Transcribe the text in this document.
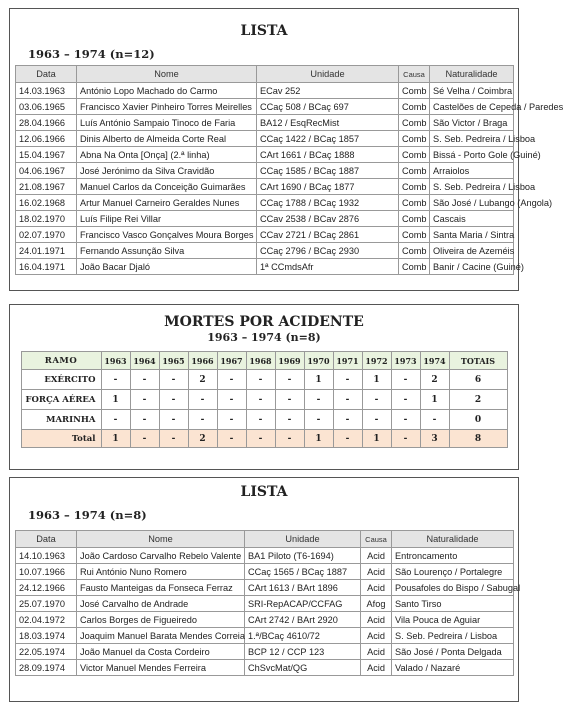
LISTA
1963 – 1974 (n=12)
Data	Nome	Unidade	Causa	Naturalidade
14.03.1963	António Lopo Machado do Carmo	ECav 252	Comb	Sé Velha / Coimbra
03.06.1965	Francisco Xavier Pinheiro Torres Meirelles	CCaç 508 / BCaç 697	Comb	Castelões de Cepeda / Paredes
28.04.1966	Luís António Sampaio Tinoco de Faria	BA12 / EsqRecMist	Comb	São Victor / Braga
12.06.1966	Dinis Alberto de Almeida Corte Real	CCaç 1422 / BCaç 1857	Comb	S. Seb. Pedreira / Lisboa
15.04.1967	Abna Na Onta [Onça] (2.ª linha)	CArt 1661 / BCaç 1888	Comb	Bissá - Porto Gole (Guiné)
04.06.1967	José Jerónimo da Silva Cravidão	CCaç 1585 / BCaç 1887	Comb	Arraiolos
21.08.1967	Manuel Carlos da Conceição Guimarães	CArt 1690 / BCaç 1877	Comb	S. Seb. Pedreira / Lisboa
16.02.1968	Artur Manuel Carneiro Geraldes Nunes	CCaç 1788 / BCaç 1932	Comb	São José / Lubango (Angola)
18.02.1970	Luís Filipe Rei Villar	CCav 2538 / BCav 2876	Comb	Cascais
02.07.1970	Francisco Vasco Gonçalves Moura Borges	CCav 2721 / BCaç 2861	Comb	Santa Maria / Sintra
24.01.1971	Fernando Assunção Silva	CCaç 2796 / BCaç 2930	Comb	Oliveira de Azeméis
16.04.1971	João Bacar Djaló	1ª CCmdsAfr	Comb	Banir / Cacine (Guiné)
MORTES POR ACIDENTE
1963 – 1974 (n=8)
RAMO	1963	1964	1965	1966	1967	1968	1969	1970	1971	1972	1973	1974	TOTAIS
EXÉRCITO	-	-	-	2	-	-	-	1	-	1	-	2	6
FORÇA AÉREA	1	-	-	-	-	-	-	-	-	-	-	1	2
MARINHA	-	-	-	-	-	-	-	-	-	-	-	-	0
Total	1	-	-	2	-	-	-	1	-	1	-	3	8
LISTA
1963 – 1974 (n=8)
Data	Nome	Unidade	Causa	Naturalidade
14.10.1963	João Cardoso Carvalho Rebelo Valente	BA1 Piloto (T6-1694)	Acid	Entroncamento
10.07.1966	Rui António Nuno Romero	CCaç 1565 / BCaç 1887	Acid	São Lourenço / Portalegre
24.12.1966	Fausto Manteigas da Fonseca Ferraz	CArt 1613 / BArt 1896	Acid	Pousafoles do Bispo / Sabugal
25.07.1970	José Carvalho de Andrade	SRI-RepACAP/CCFAG	Afog	Santo Tirso
02.04.1972	Carlos Borges de Figueiredo	CArt 2742 / BArt 2920	Acid	Vila Pouca de Aguiar
18.03.1974	Joaquim Manuel Barata Mendes Correia	1.ª/BCaç 4610/72	Acid	S. Seb. Pedreira / Lisboa
22.05.1974	João Manuel da Costa Cordeiro	BCP 12 / CCP 123	Acid	São José / Ponta Delgada
28.09.1974	Victor Manuel Mendes Ferreira	ChSvcMat/QG	Acid	Valado / Nazaré
